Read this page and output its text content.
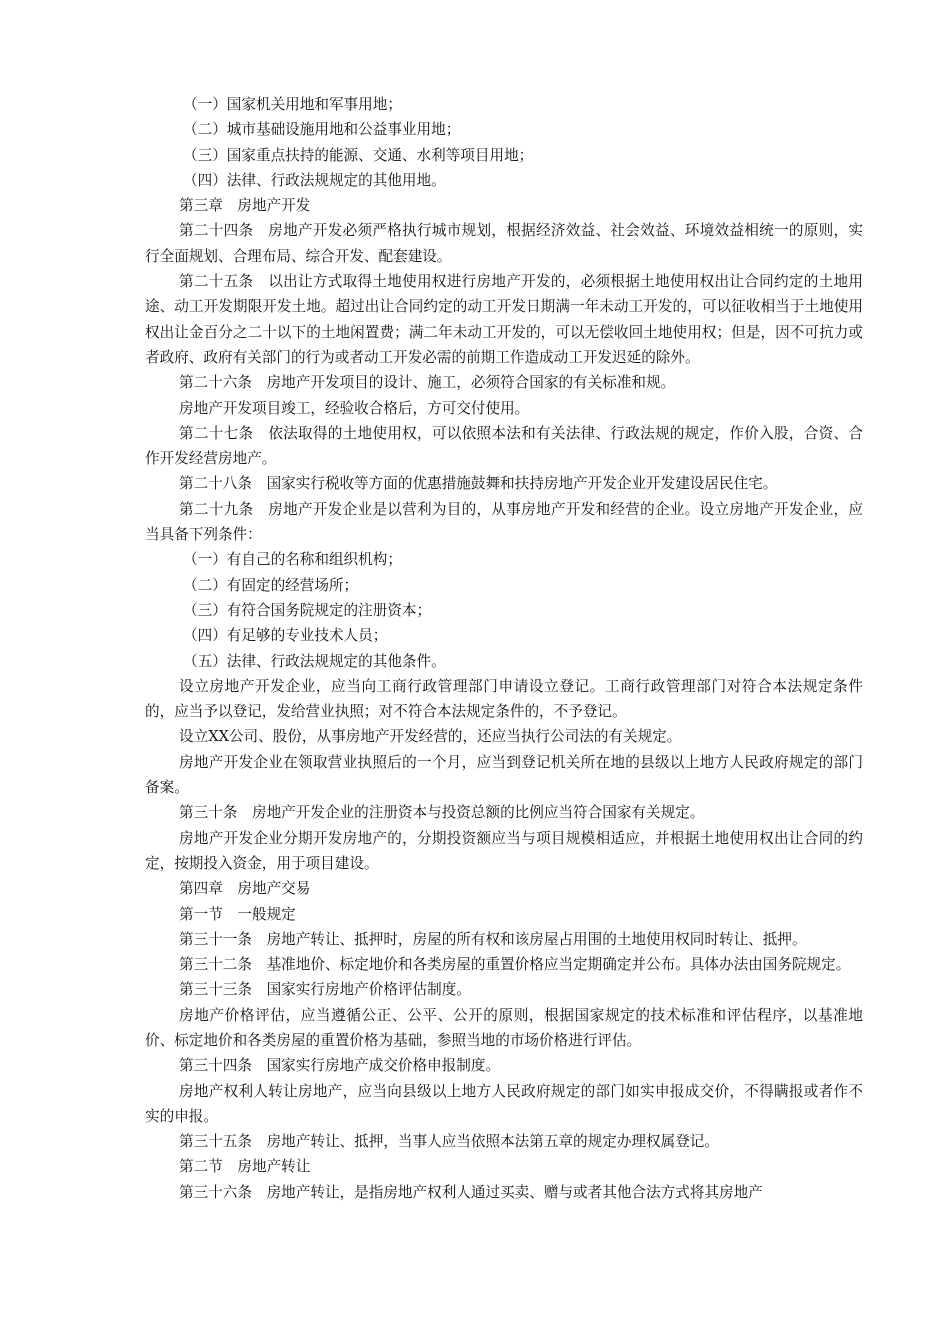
（一）国家机关用地和军事用地；

（二）城市基础设施用地和公益事业用地；

（三）国家重点扶持的能源、交通、水利等项目用地；

（四）法律、行政法规规定的其他用地。

第三章　房地产开发

第二十四条　房地产开发必须严格执行城市规划，根据经济效益、社会效益、环境效益相统一的原则，实行全面规划、合理布局、综合开发、配套建设。

第二十五条　以出让方式取得土地使用权进行房地产开发的，必须根据土地使用权出让合同约定的土地用途、动工开发期限开发土地。超过出让合同约定的动工开发日期满一年未动工开发的，可以征收相当于土地使用权出让金百分之二十以下的土地闲置费；满二年未动工开发的，可以无偿收回土地使用权；但是，因不可抗力或者政府、政府有关部门的行为或者动工开发必需的前期工作造成动工开发迟延的除外。

第二十六条　房地产开发项目的设计、施工，必须符合国家的有关标准和规。

房地产开发项目竣工，经验收合格后，方可交付使用。

第二十七条　依法取得的土地使用权，可以依照本法和有关法律、行政法规的规定，作价入股，合资、合作开发经营房地产。

第二十八条　国家实行税收等方面的优惠措施鼓舞和扶持房地产开发企业开发建设居民住宅。

第二十九条　房地产开发企业是以营利为目的，从事房地产开发和经营的企业。设立房地产开发企业，应当具备下列条件：

（一）有自己的名称和组织机构；

（二）有固定的经营场所；

（三）有符合国务院规定的注册资本；

（四）有足够的专业技术人员；

（五）法律、行政法规规定的其他条件。

设立房地产开发企业，应当向工商行政管理部门申请设立登记。工商行政管理部门对符合本法规定条件的，应当予以登记，发给营业执照；对不符合本法规定条件的，不予登记。

设立XX公司、股份，从事房地产开发经营的，还应当执行公司法的有关规定。

房地产开发企业在领取营业执照后的一个月，应当到登记机关所在地的县级以上地方人民政府规定的部门备案。

第三十条　房地产开发企业的注册资本与投资总额的比例应当符合国家有关规定。

房地产开发企业分期开发房地产的，分期投资额应当与项目规模相适应，并根据土地使用权出让合同的约定，按期投入资金，用于项目建设。

第四章　房地产交易

第一节　一般规定

第三十一条　房地产转让、抵押时，房屋的所有权和该房屋占用围的土地使用权同时转让、抵押。

第三十二条　基准地价、标定地价和各类房屋的重置价格应当定期确定并公布。具体办法由国务院规定。

第三十三条　国家实行房地产价格评估制度。

房地产价格评估，应当遵循公正、公平、公开的原则，根据国家规定的技术标准和评估程序，以基准地价、标定地价和各类房屋的重置价格为基础，参照当地的市场价格进行评估。

第三十四条　国家实行房地产成交价格申报制度。

房地产权利人转让房地产，应当向县级以上地方人民政府规定的部门如实申报成交价，不得瞒报或者作不实的申报。

第三十五条　房地产转让、抵押，当事人应当依照本法第五章的规定办理权属登记。

第二节　房地产转让

第三十六条　房地产转让，是指房地产权利人通过买卖、赠与或者其他合法方式将其房地产
